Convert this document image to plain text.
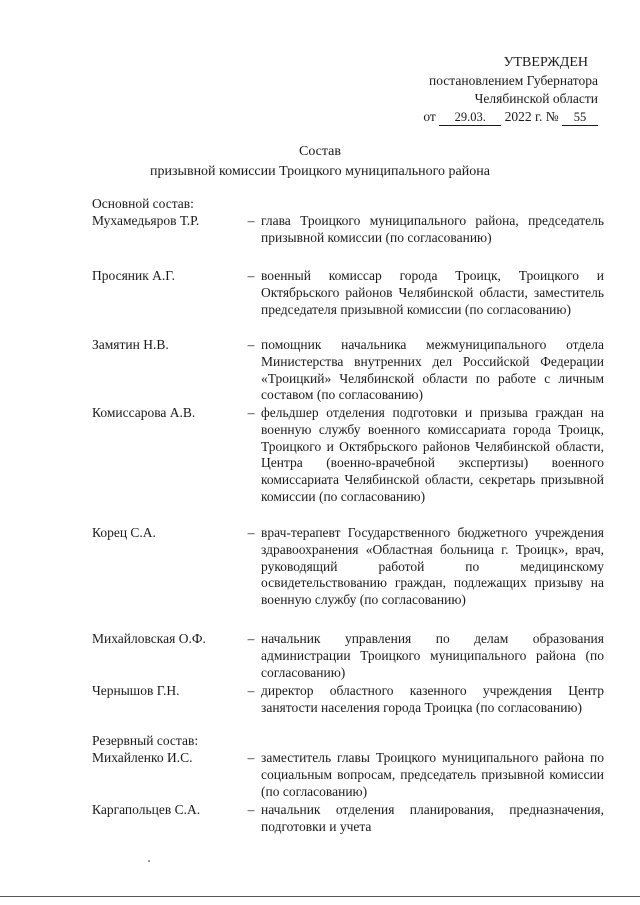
УТВЕРЖДЕН
постановлением Губернатора
Челябинской области
от 29.03. 2022 г. № 55
Состав
призывной комиссии Троицкого муниципального района
Основной состав:
Мухамедьяров Т.Р.	– глава Троицкого муниципального района, председатель призывной комиссии (по согласованию)
Просяник А.Г.	– военный комиссар города Троицк, Троицкого и Октябрьского районов Челябинской области, заместитель председателя призывной комиссии (по согласованию)
Замятин Н.В.	– помощник начальника межмуниципального отдела Министерства внутренних дел Российской Федерации «Троицкий» Челябинской области по работе с личным составом (по согласованию)
Комиссарова А.В.	– фельдшер отделения подготовки и призыва граждан на военную службу военного комиссариата города Троицк, Троицкого и Октябрьского районов Челябинской области, Центра (военно-врачебной экспертизы) военного комиссариата Челябинской области, секретарь призывной комиссии (по согласованию)
Корец С.А.	– врач-терапевт Государственного бюджетного учреждения здравоохранения «Областная больница г. Троицк», врач, руководящий работой по медицинскому освидетельствованию граждан, подлежащих призыву на военную службу (по согласованию)
Михайловская О.Ф.	– начальник управления по делам образования администрации Троицкого муниципального района (по согласованию)
Чернышов Г.Н.	– директор областного казенного учреждения Центр занятости населения города Троицка (по согласованию)
Резервный состав:
Михайленко И.С.	– заместитель главы Троицкого муниципального района по социальным вопросам, председатель призывной комиссии (по согласованию)
Каргапольцев С.А.	– начальник отделения планирования, предназначения, подготовки и учета
